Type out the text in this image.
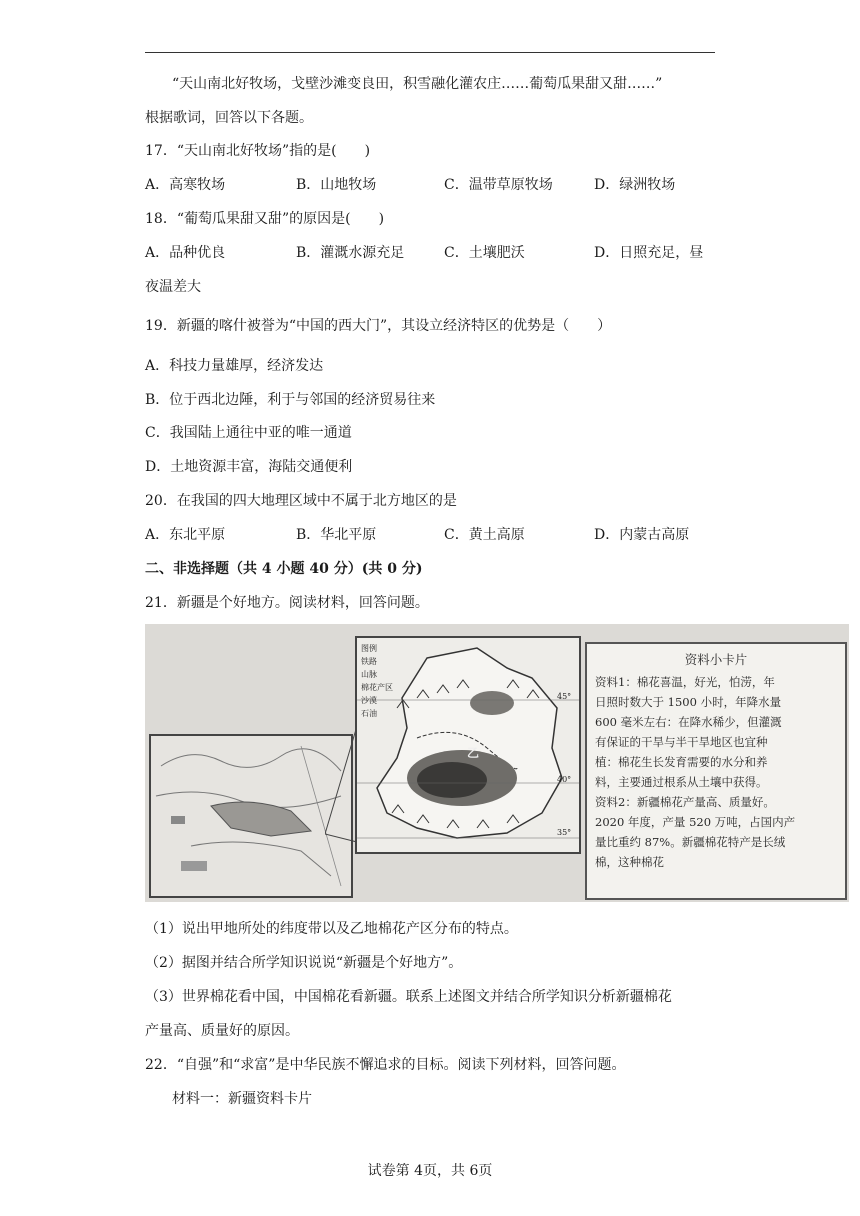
“天山南北好牧场，戈壁沙滩变良田，积雪融化灌农庄……葡萄瓜果甜又甜……”
根据歌词，回答以下各题。
17．“天山南北好牧场”指的是(　　)
A．高寒牧场	B．山地牧场	C．温带草原牧场	D．绿洲牧场
18．“葡萄瓜果甜又甜”的原因是(　　)
A．品种优良	B．灌溉水源充足	C．土壤肥沃	D．日照充足，昼
夜温差大
19．新疆的喀什被誉为“中国的西大门”，其设立经济特区的优势是（　　）
A．科技力量雄厚，经济发达
B．位于西北边陲，利于与邻国的经济贸易往来
C．我国陆上通往中亚的唯一通道
D．土地资源丰富，海陆交通便利
20．在我国的四大地理区域中不属于北方地区的是
A．东北平原	B．华北平原	C．黄土高原	D．内蒙古高原
二、非选择题（共 4 小题 40 分）(共 0 分)
21．新疆是个好地方。阅读材料，回答问题。
图例
铁路
山脉
棉花产区
沙漠
石油
45°
40°
35°
乙
资料小卡片
资料1：棉花喜温，好光，怕涝，年
日照时数大于 1500 小时，年降水量
600 毫米左右：在降水稀少，但灌溉
有保证的干旱与半干旱地区也宜种
植：棉花生长发育需要的水分和养
料，主要通过根系从土壤中获得。
资料2：新疆棉花产量高、质量好。
2020 年度，产量 520 万吨，占国内产
量比重约 87%。新疆棉花特产是长绒
棉，这种棉花
（1）说出甲地所处的纬度带以及乙地棉花产区分布的特点。
（2）据图并结合所学知识说说“新疆是个好地方”。
（3）世界棉花看中国，中国棉花看新疆。联系上述图文并结合所学知识分析新疆棉花
产量高、质量好的原因。
22．“自强”和“求富”是中华民族不懈追求的目标。阅读下列材料，回答问题。
材料一：新疆资料卡片
试卷第 4页，共 6页
